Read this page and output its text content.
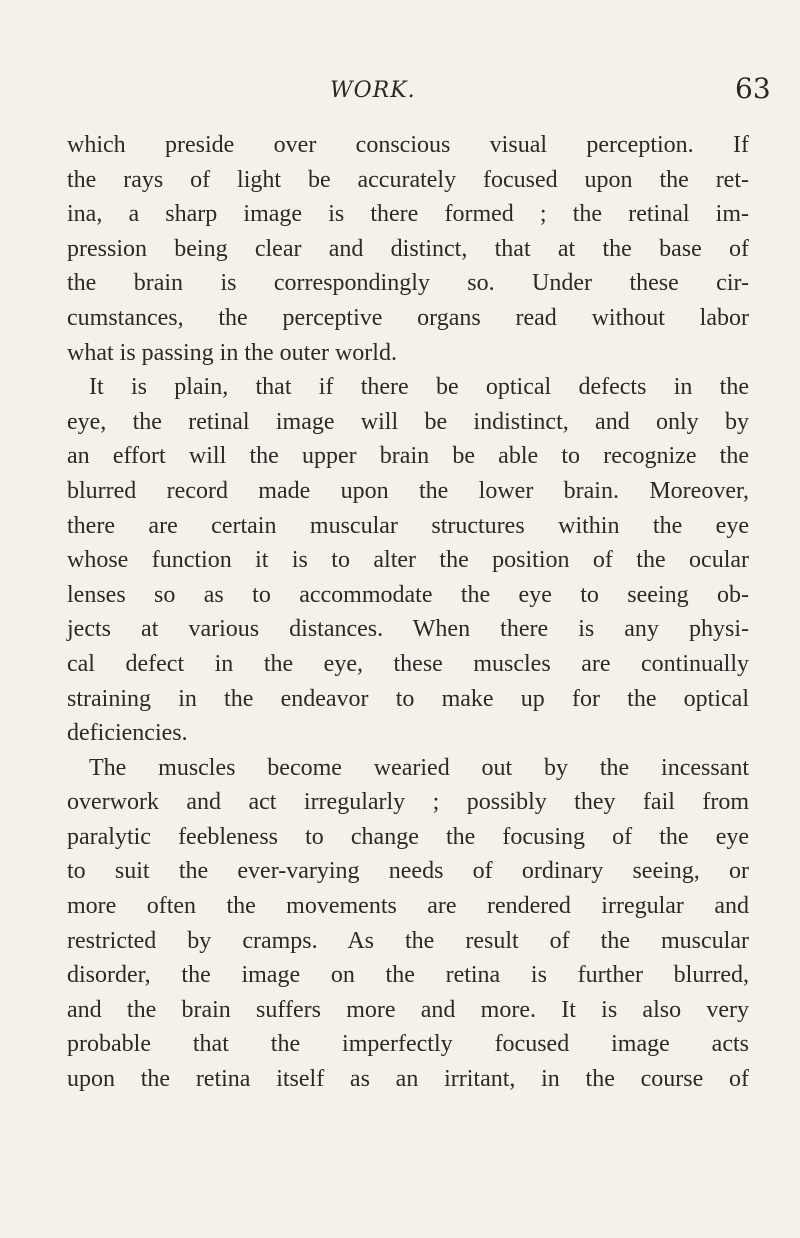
WORK.	63
which preside over conscious visual perception. If
the rays of light be accurately focused upon the ret-
ina, a sharp image is there formed ; the retinal im-
pression being clear and distinct, that at the base of
the brain is correspondingly so. Under these cir-
cumstances, the perceptive organs read without labor
what is passing in the outer world.
It is plain, that if there be optical defects in the
eye, the retinal image will be indistinct, and only by
an effort will the upper brain be able to recognize the
blurred record made upon the lower brain. Moreover,
there are certain muscular structures within the eye
whose function it is to alter the position of the ocular
lenses so as to accommodate the eye to seeing ob-
jects at various distances. When there is any physi-
cal defect in the eye, these muscles are continually
straining in the endeavor to make up for the optical
deficiencies.
The muscles become wearied out by the incessant
overwork and act irregularly ; possibly they fail from
paralytic feebleness to change the focusing of the eye
to suit the ever-varying needs of ordinary seeing, or
more often the movements are rendered irregular and
restricted by cramps. As the result of the muscular
disorder, the image on the retina is further blurred,
and the brain suffers more and more. It is also very
probable that the imperfectly focused image acts
upon the retina itself as an irritant, in the course of
